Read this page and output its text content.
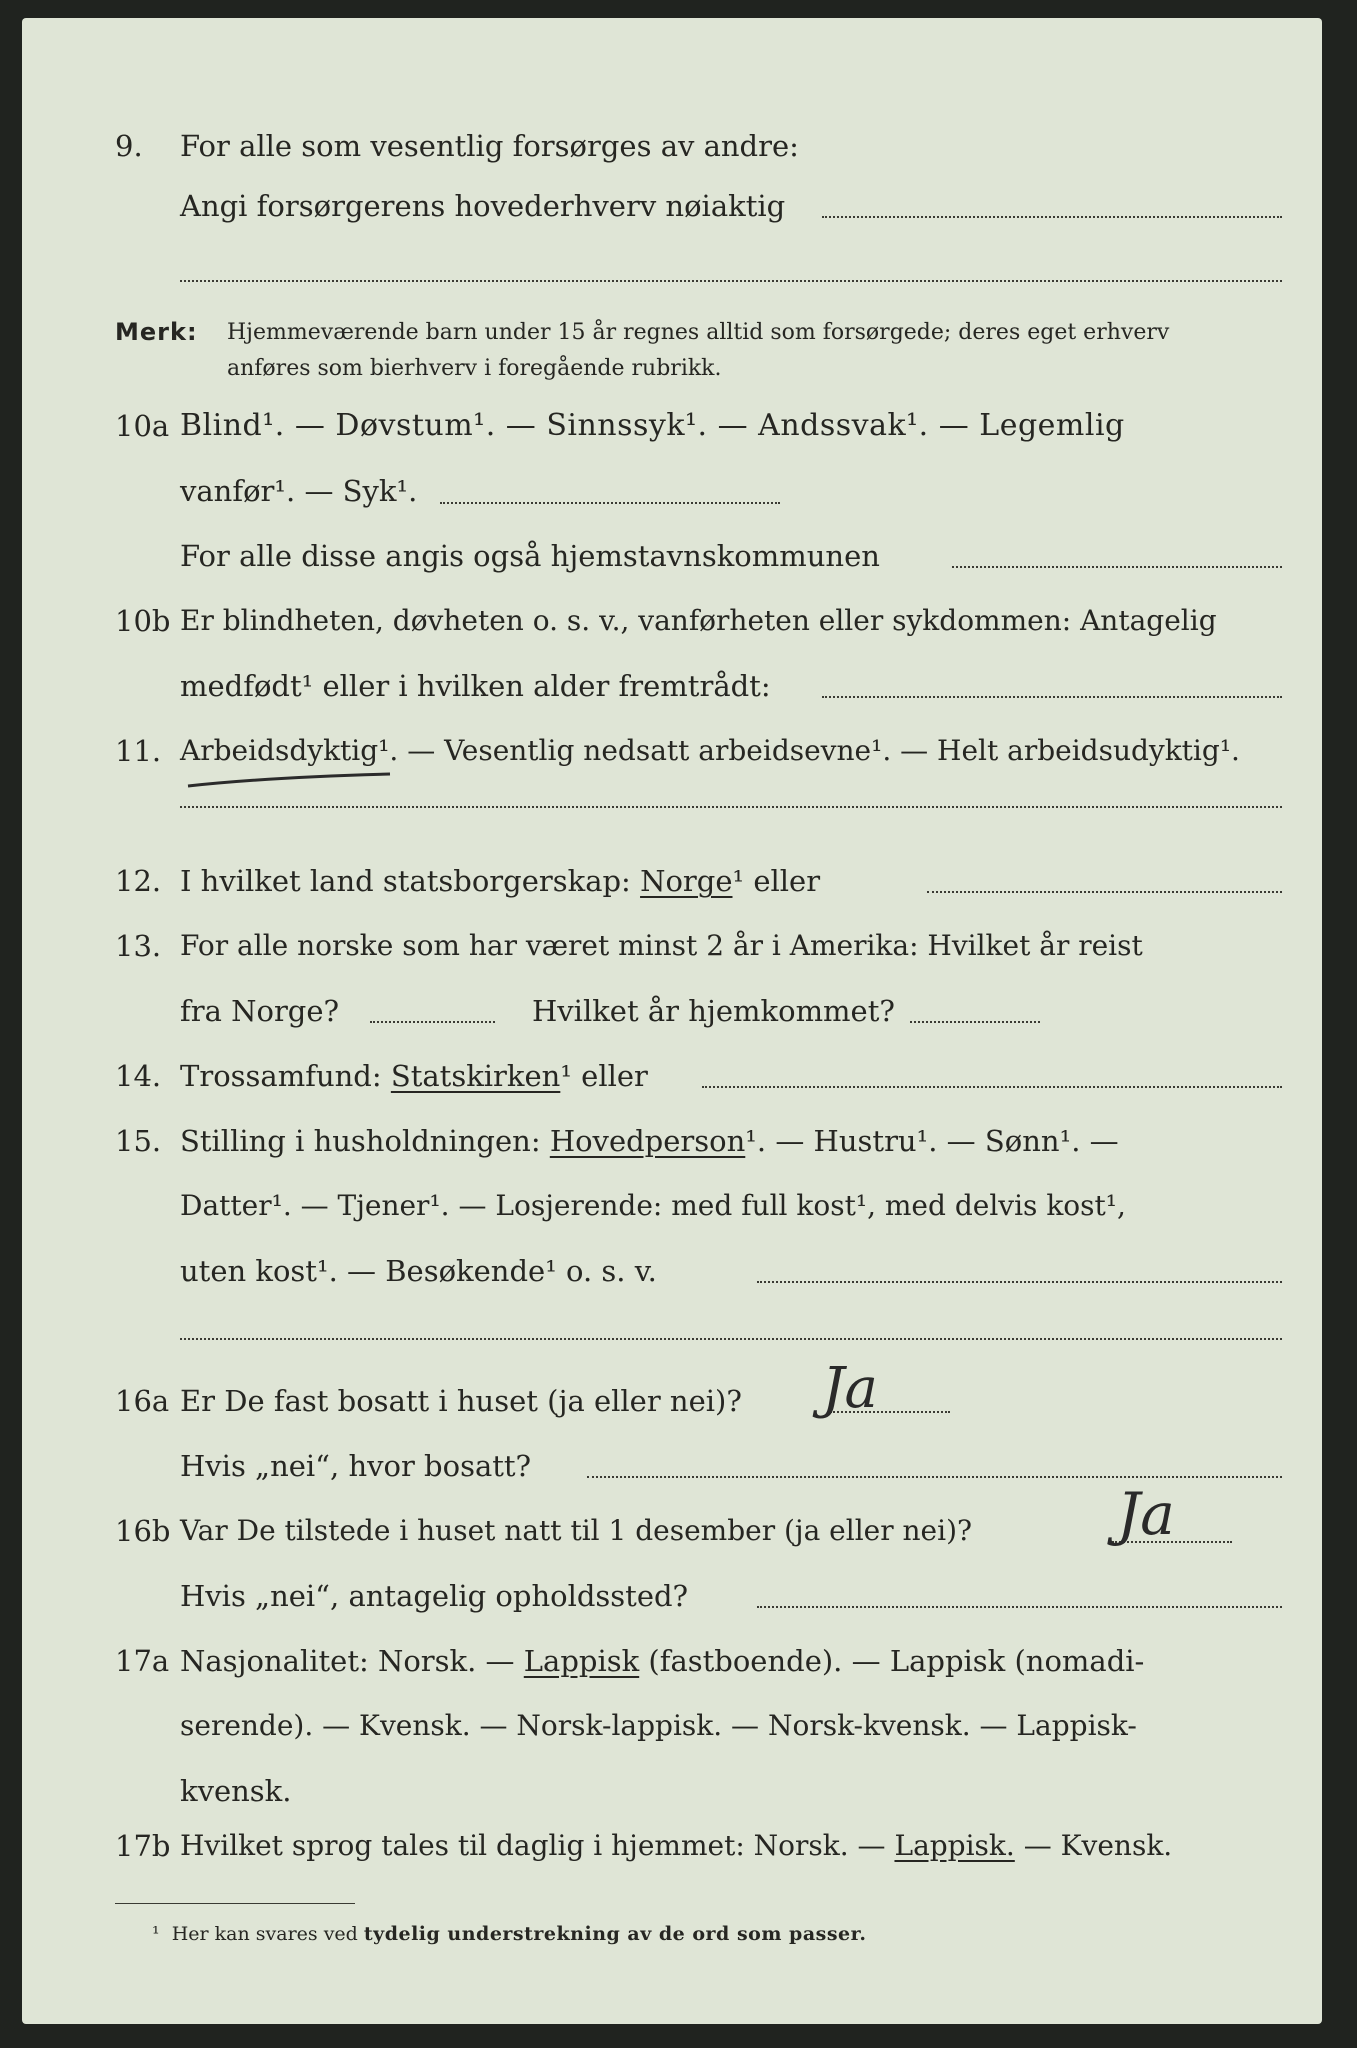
9. For alle som vesentlig forsørges av andre:
Angi forsørgerens hovederhverv nøiaktig
Merk: Hjemmeværende barn under 15 år regnes alltid som forsørgede; deres eget erhverv
anføres som bierhverv i foregående rubrikk.
10a Blind¹. — Døvstum¹. — Sinnssyk¹. — Andssvak¹. — Legemlig
vanfør¹. — Syk¹.
For alle disse angis også hjemstavnskommunen
10b Er blindheten, døvheten o. s. v., vanførheten eller sykdommen: Antagelig
medfødt¹ eller i hvilken alder fremtrådt:
11. Arbeidsdyktig¹. — Vesentlig nedsatt arbeidsevne¹. — Helt arbeidsudyktig¹.
12. I hvilket land statsborgerskap: Norge¹ eller
13. For alle norske som har været minst 2 år i Amerika: Hvilket år reist
fra Norge?	Hvilket år hjemkommet?
14. Trossamfund: Statskirken¹ eller
15. Stilling i husholdningen: Hovedperson¹. — Hustru¹. — Sønn¹. —
Datter¹. — Tjener¹. — Losjerende: med full kost¹, med delvis kost¹,
uten kost¹. — Besøkende¹ o. s. v.
16a Er De fast bosatt i huset (ja eller nei)? Ja
Hvis „nei“, hvor bosatt?
16b Var De tilstede i huset natt til 1 desember (ja eller nei)? Ja
Hvis „nei“, antagelig opholdssted?
17a Nasjonalitet: Norsk. — Lappisk (fastboende). — Lappisk (nomadi-
serende). — Kvensk. — Norsk-lappisk. — Norsk-kvensk. — Lappisk-
kvensk.
17b Hvilket sprog tales til daglig i hjemmet: Norsk. — Lappisk. — Kvensk.
¹ Her kan svares ved tydelig understrekning av de ord som passer.
